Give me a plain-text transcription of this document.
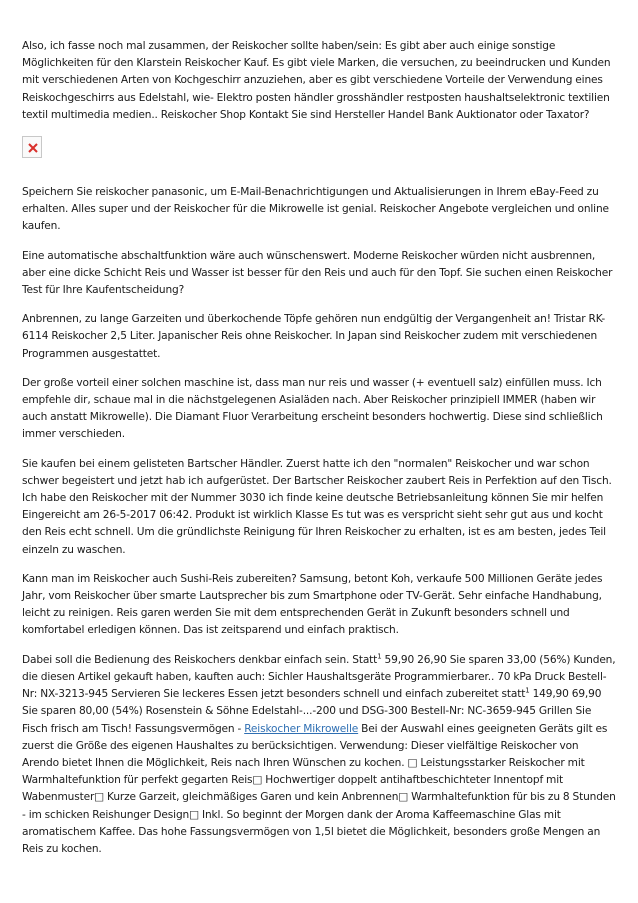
Also, ich fasse noch mal zusammen, der Reiskocher sollte haben/sein: Es gibt aber auch einige sonstige Möglichkeiten für den Klarstein Reiskocher Kauf. Es gibt viele Marken, die versuchen, zu beeindrucken und Kunden mit verschiedenen Arten von Kochgeschirr anzuziehen, aber es gibt verschiedene Vorteile der Verwendung eines Reiskochgeschirrs aus Edelstahl, wie- Elektro posten händler grosshändler restposten haushaltselektronic textilien textil multimedia medien.. Reiskocher Shop Kontakt Sie sind Hersteller Handel Bank Auktionator oder Taxator?

Speichern Sie reiskocher panasonic, um E-Mail-Benachrichtigungen und Aktualisierungen in Ihrem eBay-Feed zu erhalten. Alles super und der Reiskocher für die Mikrowelle ist genial. Reiskocher Angebote vergleichen und online kaufen.

Eine automatische abschaltfunktion wäre auch wünschenswert. Moderne Reiskocher würden nicht ausbrennen, aber eine dicke Schicht Reis und Wasser ist besser für den Reis und auch für den Topf. Sie suchen einen Reiskocher Test für Ihre Kaufentscheidung?

Anbrennen, zu lange Garzeiten und überkochende Töpfe gehören nun endgültig der Vergangenheit an! Tristar RK-6114 Reiskocher 2,5 Liter. Japanischer Reis ohne Reiskocher. In Japan sind Reiskocher zudem mit verschiedenen Programmen ausgestattet.

Der große vorteil einer solchen maschine ist, dass man nur reis und wasser (+ eventuell salz) einfüllen muss. Ich empfehle dir, schaue mal in die nächstgelegenen Asialäden nach. Aber Reiskocher prinzipiell IMMER (haben wir auch anstatt Mikrowelle). Die Diamant Fluor Verarbeitung erscheint besonders hochwertig. Diese sind schließlich immer verschieden.

Sie kaufen bei einem gelisteten Bartscher Händler. Zuerst hatte ich den "normalen" Reiskocher und war schon schwer begeistert und jetzt hab ich aufgerüstet. Der Bartscher Reiskocher zaubert Reis in Perfektion auf den Tisch. Ich habe den Reiskocher mit der Nummer 3030 ich finde keine deutsche Betriebsanleitung können Sie mir helfen Eingereicht am 26-5-2017 06:42. Produkt ist wirklich Klasse Es tut was es verspricht sieht sehr gut aus und kocht den Reis echt schnell. Um die gründlichste Reinigung für Ihren Reiskocher zu erhalten, ist es am besten, jedes Teil einzeln zu waschen.

Kann man im Reiskocher auch Sushi-Reis zubereiten? Samsung, betont Koh, verkaufe 500 Millionen Geräte jedes Jahr, vom Reiskocher über smarte Lautsprecher bis zum Smartphone oder TV-Gerät. Sehr einfache Handhabung, leicht zu reinigen. Reis garen werden Sie mit dem entsprechenden Gerät in Zukunft besonders schnell und komfortabel erledigen können. Das ist zeitsparend und einfach praktisch.

Dabei soll die Bedienung des Reiskochers denkbar einfach sein. Statt$^1$ 59,90 26,90 Sie sparen 33,00 (56%) Kunden, die diesen Artikel gekauft haben, kauften auch: Sichler Haushaltsgeräte Programmierbarer.. 70 kPa Druck Bestell-Nr: NX-3213-945 Servieren Sie leckeres Essen jetzt besonders schnell und einfach zubereitet statt$^1$ 149,90 69,90 Sie sparen 80,00 (54%) Rosenstein & Söhne Edelstahl-...-200 und DSG-300 Bestell-Nr: NC-3659-945 Grillen Sie Fisch frisch am Tisch! Fassungsvermögen - Reiskocher Mikrowelle Bei der Auswahl eines geeigneten Geräts gilt es zuerst die Größe des eigenen Haushaltes zu berücksichtigen. Verwendung: Dieser vielfältige Reiskocher von Arendo bietet Ihnen die Möglichkeit, Reis nach Ihren Wünschen zu kochen. □ Leistungsstarker Reiskocher mit Warmhaltefunktion für perfekt gegarten Reis□ Hochwertiger doppelt antihaftbeschichteter Innentopf mit Wabenmuster□ Kurze Garzeit, gleichmäßiges Garen und kein Anbrennen□ Warmhaltefunktion für bis zu 8 Stunden - im schicken Reishunger Design□ Inkl. So beginnt der Morgen dank der Aroma Kaffeemaschine Glas mit aromatischem Kaffee. Das hohe Fassungsvermögen von 1,5l bietet die Möglichkeit, besonders große Mengen an Reis zu kochen.
